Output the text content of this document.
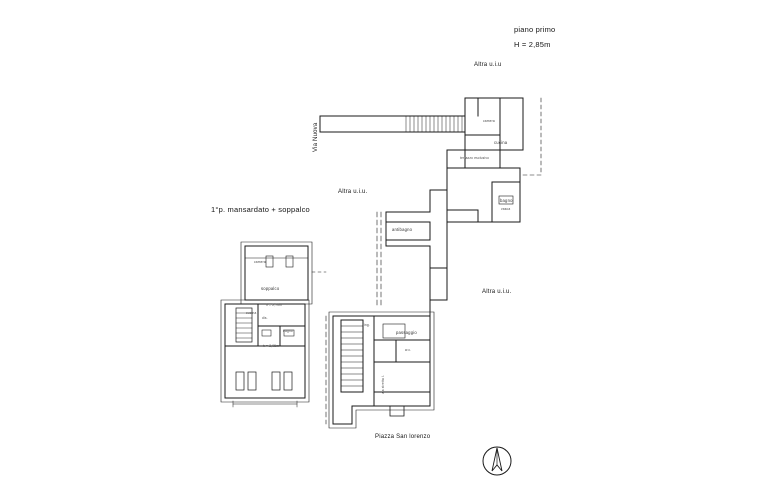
piano primo
H = 2,85m
Altra u.i.u
Altra u.i.u.
Altra u.i.u.
1°p. mansardato + soppalco
Via Nuova
Piazza San lorenzo
via stretta l.
cucina
camera
terrazzo esclusivo
bagno
vasca
antibagno
passaggio
ing.
w.c.
soppalco
camera
dis.
bagno
cucina
h = 2,70m
h = 2,05m
